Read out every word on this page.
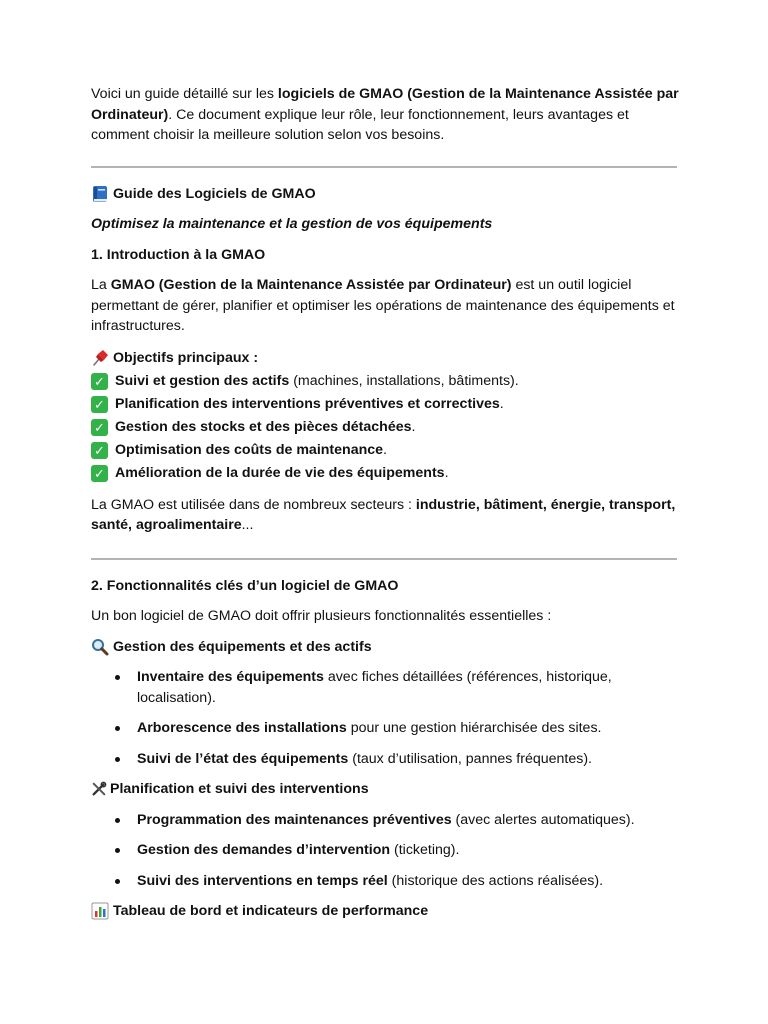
Voici un guide détaillé sur les logiciels de GMAO (Gestion de la Maintenance Assistée par Ordinateur). Ce document explique leur rôle, leur fonctionnement, leurs avantages et comment choisir la meilleure solution selon vos besoins.

Guide des Logiciels de GMAO

Optimisez la maintenance et la gestion de vos équipements

1. Introduction à la GMAO

La GMAO (Gestion de la Maintenance Assistée par Ordinateur) est un outil logiciel permettant de gérer, planifier et optimiser les opérations de maintenance des équipements et infrastructures.

Objectifs principaux :
✓ Suivi et gestion des actifs (machines, installations, bâtiments).
✓ Planification des interventions préventives et correctives.
✓ Gestion des stocks et des pièces détachées.
✓ Optimisation des coûts de maintenance.
✓ Amélioration de la durée de vie des équipements.

La GMAO est utilisée dans de nombreux secteurs : industrie, bâtiment, énergie, transport, santé, agroalimentaire...

2. Fonctionnalités clés d’un logiciel de GMAO

Un bon logiciel de GMAO doit offrir plusieurs fonctionnalités essentielles :

Gestion des équipements et des actifs
Inventaire des équipements avec fiches détaillées (références, historique, localisation).
Arborescence des installations pour une gestion hiérarchisée des sites.
Suivi de l’état des équipements (taux d’utilisation, pannes fréquentes).
Planification et suivi des interventions
Programmation des maintenances préventives (avec alertes automatiques).
Gestion des demandes d’intervention (ticketing).
Suivi des interventions en temps réel (historique des actions réalisées).
Tableau de bord et indicateurs de performance
